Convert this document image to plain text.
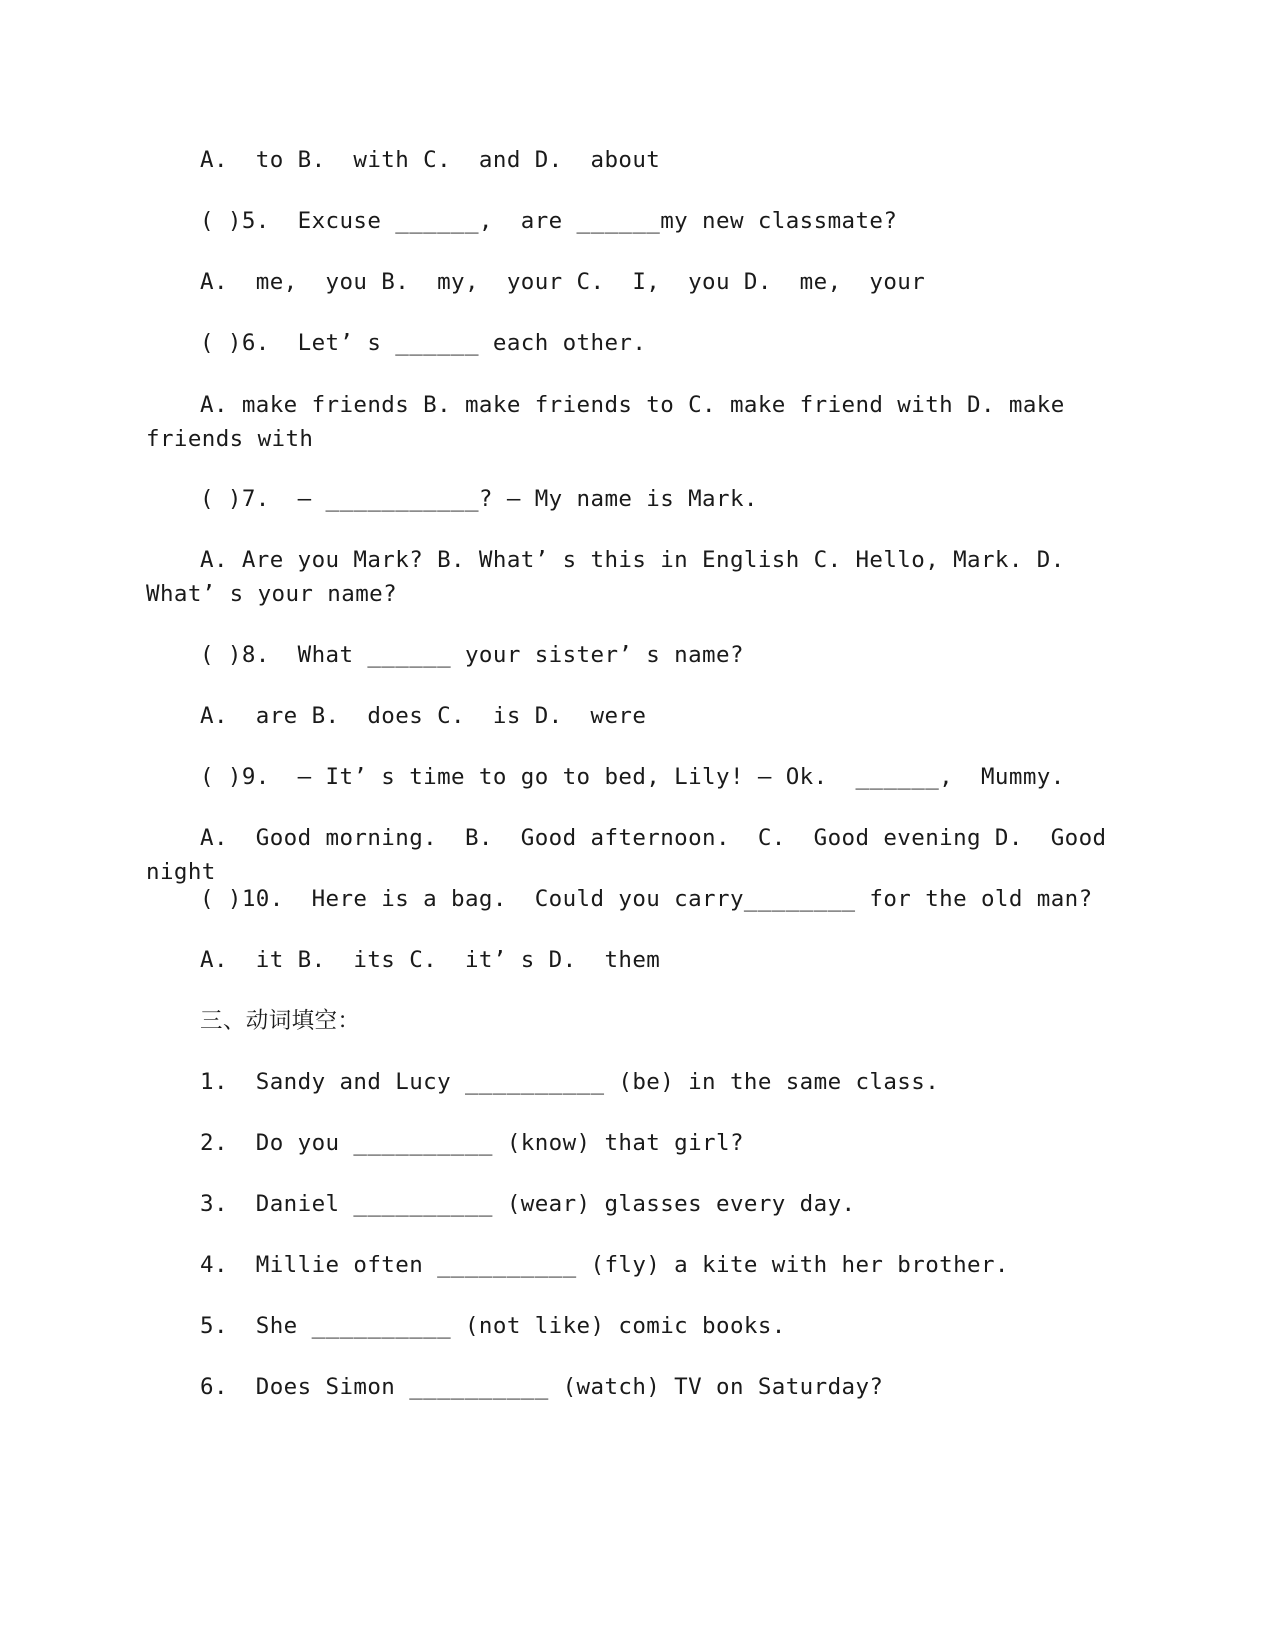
A.  to B.  with C.  and D.  about

( )5.  Excuse ______,  are ______my new classmate?

A.  me,  you B.  my,  your C.  I,  you D.  me,  your

( )6.  Let’ s ______ each other.

A. make friends B. make friends to C. make friend with D. make friends with

( )7.  — ___________? — My name is Mark.

A. Are you Mark? B. What’ s this in English C. Hello, Mark. D. What’ s your name?

( )8.  What ______ your sister’ s name?

A.  are B.  does C.  is D.  were

( )9.  — It’ s time to go to bed, Lily! — Ok.  ______,  Mummy.

A.  Good morning.  B.  Good afternoon.  C.  Good evening D.  Good night

( )10.  Here is a bag.  Could you carry________ for the old man?

A.  it B.  its C.  it’ s D.  them

三、动词填空：

1.  Sandy and Lucy __________ (be) in the same class.

2.  Do you __________ (know) that girl?

3.  Daniel __________ (wear) glasses every day.

4.  Millie often __________ (fly) a kite with her brother.

5.  She __________ (not like) comic books.

6.  Does Simon __________ (watch) TV on Saturday?
